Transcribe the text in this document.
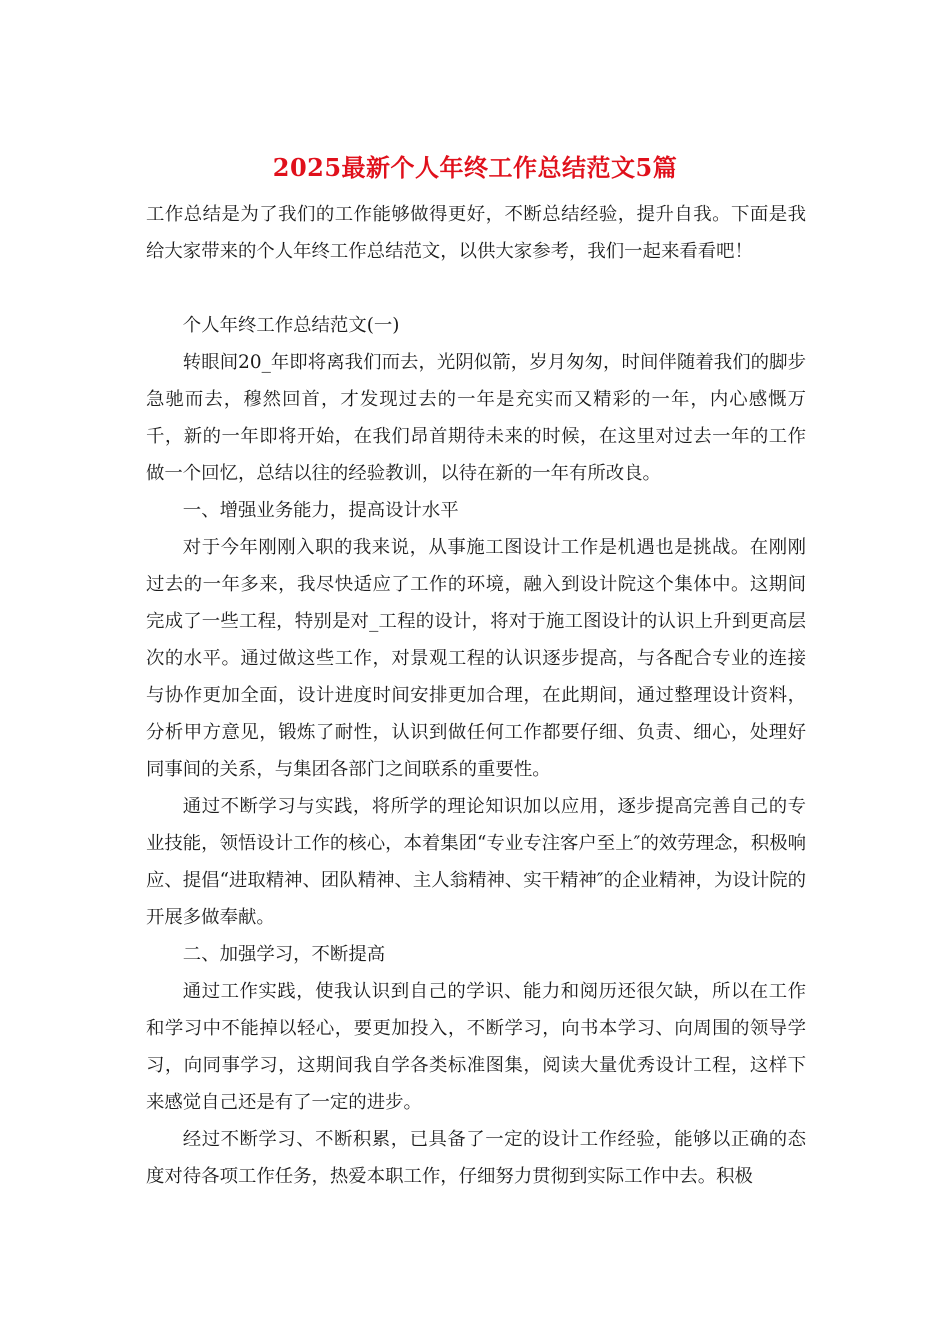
2025最新个人年终工作总结范文5篇

工作总结是为了我们的工作能够做得更好，不断总结经验，提升自我。下面是我给大家带来的个人年终工作总结范文，以供大家参考，我们一起来看看吧！

个人年终工作总结范文(一)

转眼间20_年即将离我们而去，光阴似箭，岁月匆匆，时间伴随着我们的脚步急驰而去，穆然回首，才发现过去的一年是充实而又精彩的一年，内心感慨万千，新的一年即将开始，在我们昂首期待未来的时候，在这里对过去一年的工作做一个回忆，总结以往的经验教训，以待在新的一年有所改良。

一、增强业务能力，提高设计水平

对于今年刚刚入职的我来说，从事施工图设计工作是机遇也是挑战。在刚刚过去的一年多来，我尽快适应了工作的环境，融入到设计院这个集体中。这期间完成了一些工程，特别是对_工程的设计，将对于施工图设计的认识上升到更高层次的水平。通过做这些工作，对景观工程的认识逐步提高，与各配合专业的连接与协作更加全面，设计进度时间安排更加合理，在此期间，通过整理设计资料，分析甲方意见，锻炼了耐性，认识到做任何工作都要仔细、负责、细心，处理好同事间的关系，与集团各部门之间联系的重要性。

通过不断学习与实践，将所学的理论知识加以应用，逐步提高完善自己的专业技能，领悟设计工作的核心，本着集团“专业专注客户至上″的效劳理念，积极响应、提倡“进取精神、团队精神、主人翁精神、实干精神″的企业精神，为设计院的开展多做奉献。

二、加强学习，不断提高

通过工作实践，使我认识到自己的学识、能力和阅历还很欠缺，所以在工作和学习中不能掉以轻心，要更加投入，不断学习，向书本学习、向周围的领导学习，向同事学习，这期间我自学各类标准图集，阅读大量优秀设计工程，这样下来感觉自己还是有了一定的进步。

经过不断学习、不断积累，已具备了一定的设计工作经验，能够以正确的态度对待各项工作任务，热爱本职工作，仔细努力贯彻到实际工作中去。积极
